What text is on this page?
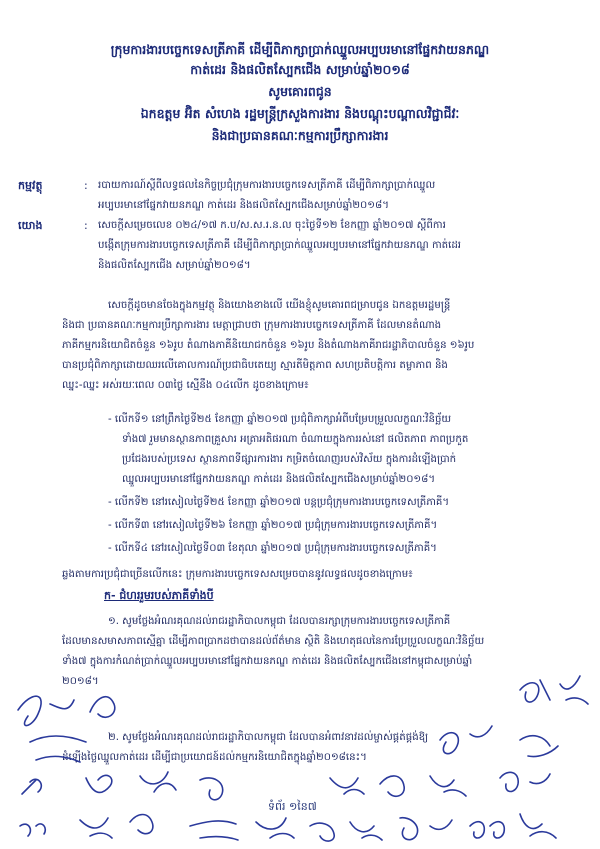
ក្រុមការងារបច្ចេកទេសត្រីភាគី ដើម្បីពិភាក្សាប្រាក់ឈ្នួលអប្បបរមានៅផ្នែកវាយនភណ្ឌ
កាត់ដេរ និងផលិតស្បែកជើង សម្រាប់ឆ្នាំ២០១៨
សូមគោរពជូន
ឯកឧត្តម អ៊ិត សំហេង រដ្ឋមន្ត្រីក្រសួងការងារ និងបណ្តុះបណ្តាលវិជ្ជាជីវៈ
និងជាប្រធានគណៈកម្មការប្រឹក្សាការងារ
កម្មវត្ថុ	: របាយការណ៍ស្តីពីលទ្ធផលនៃកិច្ចប្រជុំក្រុមការងារបច្ចេកទេសត្រីភាគី ដើម្បីពិភាក្សាប្រាក់ឈ្នួល
អប្បបរមានៅផ្នែកវាយនភណ្ឌ កាត់ដេរ និងផលិតស្បែកជើងសម្រាប់ឆ្នាំ២០១៨។
យោង	: សេចក្តីសម្រេចលេខ ០២៤/១៧ ក.ប/ស.ស.រ.ន.ល ចុះថ្ងៃទី១២ ខែកញ្ញា ឆ្នាំ២០១៧ ស្តីពីការ
បង្កើតក្រុមការងារបច្ចេកទេសត្រីភាគី ដើម្បីពិភាក្សាប្រាក់ឈ្នួលអប្បបរមានៅផ្នែកវាយនភណ្ឌ កាត់ដេរ
និងផលិតស្បែកជើង សម្រាប់ឆ្នាំ២០១៨។
សេចក្តីដូចមានចែងក្នុងកម្មវត្ថុ និងយោងខាងលើ យើងខ្ញុំសូមគោរពជម្រាបជូន ឯកឧត្តមរដ្ឋមន្ត្រី
និងជា ប្រធានគណៈកម្មការប្រឹក្សាការងារ មេត្តាជ្រាបថា ក្រុមការងារបច្ចេកទេសត្រីភាគី ដែលមានតំណាង
ភាគីកម្មករនិយោជិតចំនួន ១៦រូប តំណាងភាគីនិយោជកចំនួន ១៦រូប និងតំណាងភាគីរាជរដ្ឋាភិបាលចំនួន ១៦រូប
បានប្រជុំពិភាក្សាដោយឈរលើគោលការណ៍ប្រជាធិបតេយ្យ ស្មារតីមិត្តភាព សហប្រតិបត្តិការ តម្លាភាព និង
ឈ្នះ-ឈ្នះ អស់រយៈពេល ០៣ថ្ងៃ ស្មើនឹង ០៤លើក ដូចខាងក្រោម៖
- លើកទី១ នៅព្រឹកថ្ងៃទី២៥ ខែកញ្ញា ឆ្នាំ២០១៧ ប្រជុំពិភាក្សាអំពីបម្រែបម្រួលលក្ខណៈវិនិច្ឆ័យ
ទាំង៧ រួមមានស្ថានភាពគ្រួសារ អត្រាអតិផរណា ចំណាយក្នុងការរស់នៅ ផលិតភាព ភាពប្រកួត
ប្រជែងរបស់ប្រទេស ស្ថានភាពទីផ្សារការងារ កម្រិតចំណេញរបស់វិស័យ ក្នុងការដំឡើងប្រាក់
ឈ្នួលអប្បបរមានៅផ្នែកវាយនភណ្ឌ កាត់ដេរ និងផលិតស្បែកជើងសម្រាប់ឆ្នាំ២០១៨។
- លើកទី២ នៅរសៀលថ្ងៃទី២៥ ខែកញ្ញា ឆ្នាំ២០១៧ បន្តប្រជុំក្រុមការងារបច្ចេកទេសត្រីភាគី។
- លើកទី៣ នៅរសៀលថ្ងៃទី២៦ ខែកញ្ញា ឆ្នាំ២០១៧ ប្រជុំក្រុមការងារបច្ចេកទេសត្រីភាគី។
- លើកទី៤ នៅរសៀលថ្ងៃទី០៣ ខែតុលា ឆ្នាំ២០១៧ ប្រជុំក្រុមការងារបច្ចេកទេសត្រីភាគី។
ឆ្លងតាមការប្រជុំជាច្រើនលើកនេះ ក្រុមការងារបច្ចេកទេសសម្រេចបាននូវលទ្ធផលដូចខាងក្រោម៖
ក- ជំហររួមរបស់ភាគីទាំងបី
១. សូមថ្លែងអំណរគុណដល់រាជរដ្ឋាភិបាលកម្ពុជា ដែលបានរក្សាក្រុមការងារបច្ចេកទេសត្រីភាគី
ដែលមានសមាសភាពស្មើគ្នា ដើម្បីភាពប្រាកដថាបានដល់ព័ត៌មាន ស្ថិតិ និងហេតុផលនៃការប្រែប្រួលលក្ខណៈវិនិច្ឆ័យ
ទាំង៧ ក្នុងការកំណត់ប្រាក់ឈ្នួលអប្បបរមានៅផ្នែកវាយនភណ្ឌ កាត់ដេរ និងផលិតស្បែកជើងនៅកម្ពុជាសម្រាប់ឆ្នាំ
២០១៨។
២. សូមថ្លែងអំណរគុណដល់រាជរដ្ឋាភិបាលកម្ពុជា ដែលបានអំពាវនាវដល់ម្ចាស់ផ្គត់ផ្គង់ឱ្យ
ដំឡើងថ្លៃឈ្នួលកាត់ដេរ ដើម្បីជាប្រយោជន៍ដល់កម្មករនិយោជិតក្នុងឆ្នាំ២០១៨នេះ។
ទំព័រ ១នៃ៧
